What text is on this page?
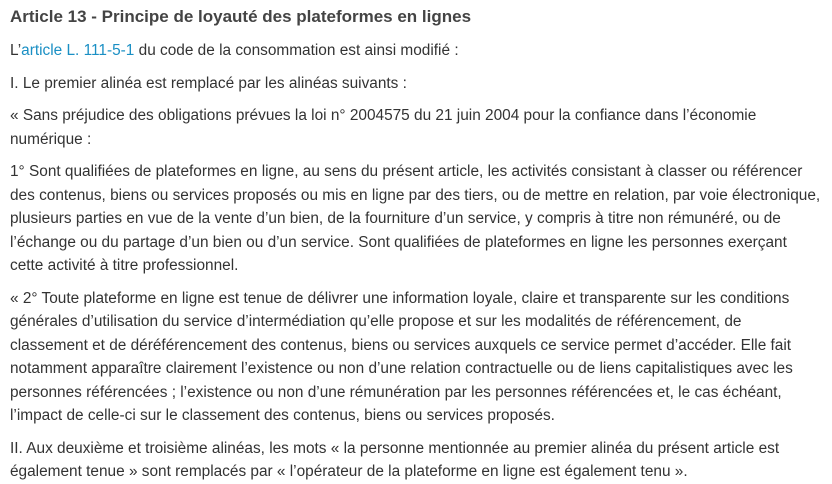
Article 13 - Principe de loyauté des plateformes en lignes

L’article L. 111-5-1 du code de la consommation est ainsi modifié :

I. Le premier alinéa est remplacé par les alinéas suivants :

« Sans préjudice des obligations prévues la loi n° 2004575 du 21 juin 2004 pour la confiance dans l’économie numérique :

1° Sont qualifiées de plateformes en ligne, au sens du présent article, les activités consistant à classer ou référencer des contenus, biens ou services proposés ou mis en ligne par des tiers, ou de mettre en relation, par voie électronique, plusieurs parties en vue de la vente d’un bien, de la fourniture d’un service, y compris à titre non rémunéré, ou de l’échange ou du partage d’un bien ou d’un service. Sont qualifiées de plateformes en ligne les personnes exerçant cette activité à titre professionnel.

« 2° Toute plateforme en ligne est tenue de délivrer une information loyale, claire et transparente sur les conditions générales d’utilisation du service d’intermédiation qu’elle propose et sur les modalités de référencement, de classement et de déréférencement des contenus, biens ou services auxquels ce service permet d’accéder. Elle fait notamment apparaître clairement l’existence ou non d’une relation contractuelle ou de liens capitalistiques avec les personnes référencées ; l’existence ou non d’une rémunération par les personnes référencées et, le cas échéant, l’impact de celle-ci sur le classement des contenus, biens ou services proposés.

II. Aux deuxième et troisième alinéas, les mots « la personne mentionnée au premier alinéa du présent article est également tenue » sont remplacés par « l’opérateur de la plateforme en ligne est également tenu ».
